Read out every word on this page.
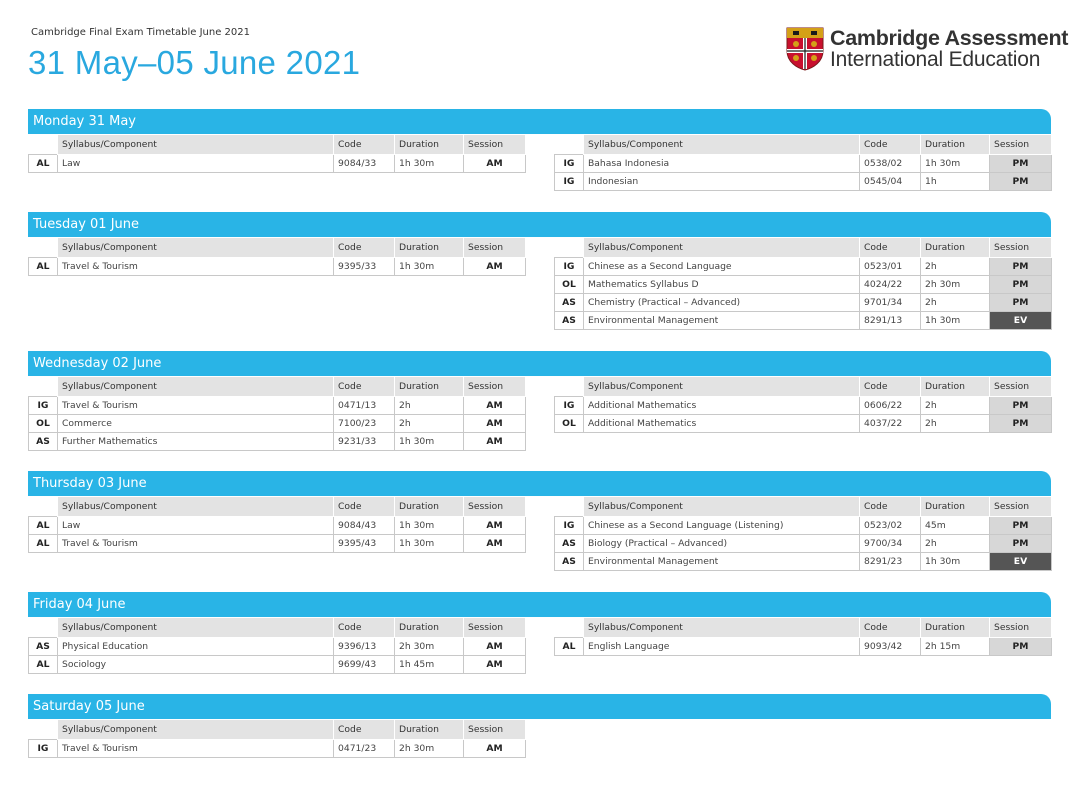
Cambridge Final Exam Timetable June 2021
31 May–05 June 2021
Cambridge Assessment
International Education
Monday 31 May
	Syllabus/Component	Code	Duration	Session
AL	Law	9084/33	1h 30m	AM
	Syllabus/Component	Code	Duration	Session
IG	Bahasa Indonesia	0538/02	1h 30m	PM
IG	Indonesian	0545/04	1h	PM
Tuesday 01 June
	Syllabus/Component	Code	Duration	Session
AL	Travel & Tourism	9395/33	1h 30m	AM
	Syllabus/Component	Code	Duration	Session
IG	Chinese as a Second Language	0523/01	2h	PM
OL	Mathematics Syllabus D	4024/22	2h 30m	PM
AS	Chemistry (Practical – Advanced)	9701/34	2h	PM
AS	Environmental Management	8291/13	1h 30m	EV
Wednesday 02 June
	Syllabus/Component	Code	Duration	Session
IG	Travel & Tourism	0471/13	2h	AM
OL	Commerce	7100/23	2h	AM
AS	Further Mathematics	9231/33	1h 30m	AM
	Syllabus/Component	Code	Duration	Session
IG	Additional Mathematics	0606/22	2h	PM
OL	Additional Mathematics	4037/22	2h	PM
Thursday 03 June
	Syllabus/Component	Code	Duration	Session
AL	Law	9084/43	1h 30m	AM
AL	Travel & Tourism	9395/43	1h 30m	AM
	Syllabus/Component	Code	Duration	Session
IG	Chinese as a Second Language (Listening)	0523/02	45m	PM
AS	Biology (Practical – Advanced)	9700/34	2h	PM
AS	Environmental Management	8291/23	1h 30m	EV
Friday 04 June
	Syllabus/Component	Code	Duration	Session
AS	Physical Education	9396/13	2h 30m	AM
AL	Sociology	9699/43	1h 45m	AM
	Syllabus/Component	Code	Duration	Session
AL	English Language	9093/42	2h 15m	PM
Saturday 05 June
	Syllabus/Component	Code	Duration	Session
IG	Travel & Tourism	0471/23	2h 30m	AM
